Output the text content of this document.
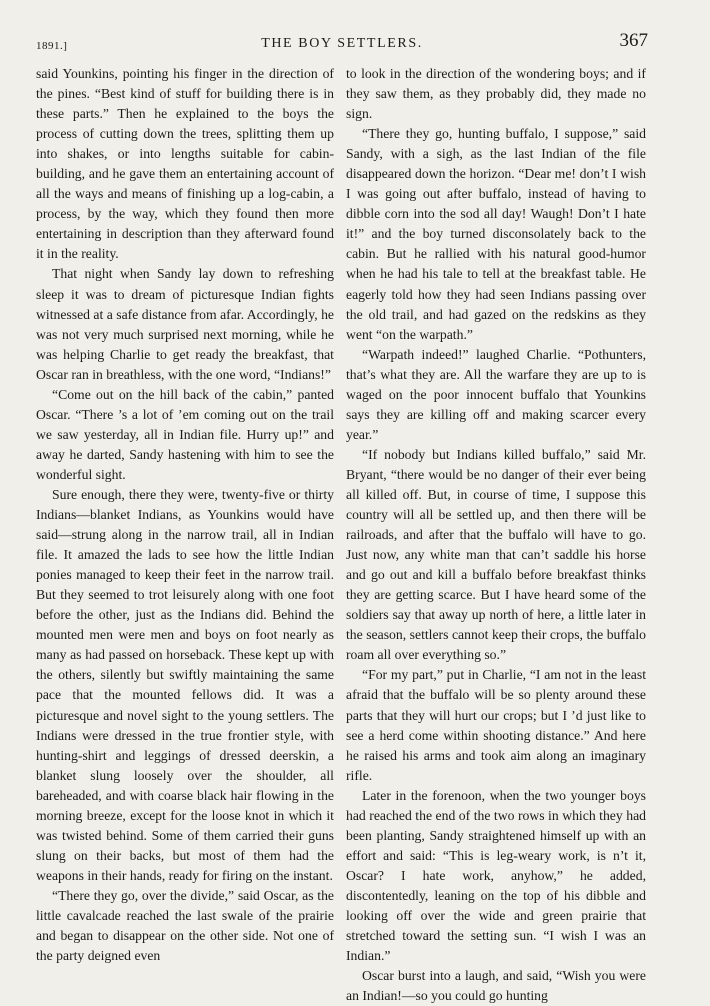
1891.]	THE BOY SETTLERS.	367

said Younkins, pointing his finger in the direction of the pines. “Best kind of stuff for building there is in these parts.” Then he explained to the boys the process of cutting down the trees, splitting them up into shakes, or into lengths suitable for cabin-building, and he gave them an entertaining account of all the ways and means of finishing up a log-cabin, a process, by the way, which they found then more entertaining in description than they afterward found it in the reality.

That night when Sandy lay down to refreshing sleep it was to dream of picturesque Indian fights witnessed at a safe distance from afar. Accordingly, he was not very much surprised next morning, while he was helping Charlie to get ready the breakfast, that Oscar ran in breathless, with the one word, “Indians!”

“Come out on the hill back of the cabin,” panted Oscar. “There ’s a lot of ’em coming out on the trail we saw yesterday, all in Indian file. Hurry up!” and away he darted, Sandy hastening with him to see the wonderful sight.

Sure enough, there they were, twenty-five or thirty Indians—blanket Indians, as Younkins would have said—strung along in the narrow trail, all in Indian file. It amazed the lads to see how the little Indian ponies managed to keep their feet in the narrow trail. But they seemed to trot leisurely along with one foot before the other, just as the Indians did. Behind the mounted men were men and boys on foot nearly as many as had passed on horseback. These kept up with the others, silently but swiftly maintaining the same pace that the mounted fellows did. It was a picturesque and novel sight to the young settlers. The Indians were dressed in the true frontier style, with hunting-shirt and leggings of dressed deerskin, a blanket slung loosely over the shoulder, all bareheaded, and with coarse black hair flowing in the morning breeze, except for the loose knot in which it was twisted behind. Some of them carried their guns slung on their backs, but most of them had the weapons in their hands, ready for firing on the instant.

“There they go, over the divide,” said Oscar, as the little cavalcade reached the last swale of the prairie and began to disappear on the other side. Not one of the party deigned even

to look in the direction of the wondering boys; and if they saw them, as they probably did, they made no sign.

“There they go, hunting buffalo, I suppose,” said Sandy, with a sigh, as the last Indian of the file disappeared down the horizon. “Dear me! don’t I wish I was going out after buffalo, instead of having to dibble corn into the sod all day! Waugh! Don’t I hate it!” and the boy turned disconsolately back to the cabin. But he rallied with his natural good-humor when he had his tale to tell at the breakfast table. He eagerly told how they had seen Indians passing over the old trail, and had gazed on the redskins as they went “on the warpath.”

“Warpath indeed!” laughed Charlie. “Pothunters, that’s what they are. All the warfare they are up to is waged on the poor innocent buffalo that Younkins says they are killing off and making scarcer every year.”

“If nobody but Indians killed buffalo,” said Mr. Bryant, “there would be no danger of their ever being all killed off. But, in course of time, I suppose this country will all be settled up, and then there will be railroads, and after that the buffalo will have to go. Just now, any white man that can’t saddle his horse and go out and kill a buffalo before breakfast thinks they are getting scarce. But I have heard some of the soldiers say that away up north of here, a little later in the season, settlers cannot keep their crops, the buffalo roam all over everything so.”

“For my part,” put in Charlie, “I am not in the least afraid that the buffalo will be so plenty around these parts that they will hurt our crops; but I ’d just like to see a herd come within shooting distance.” And here he raised his arms and took aim along an imaginary rifle.

Later in the forenoon, when the two younger boys had reached the end of the two rows in which they had been planting, Sandy straightened himself up with an effort and said: “This is leg-weary work, is n’t it, Oscar? I hate work, anyhow,” he added, discontentedly, leaning on the top of his dibble and looking off over the wide and green prairie that stretched toward the setting sun. “I wish I was an Indian.”

Oscar burst into a laugh, and said, “Wish you were an Indian!—so you could go hunting
